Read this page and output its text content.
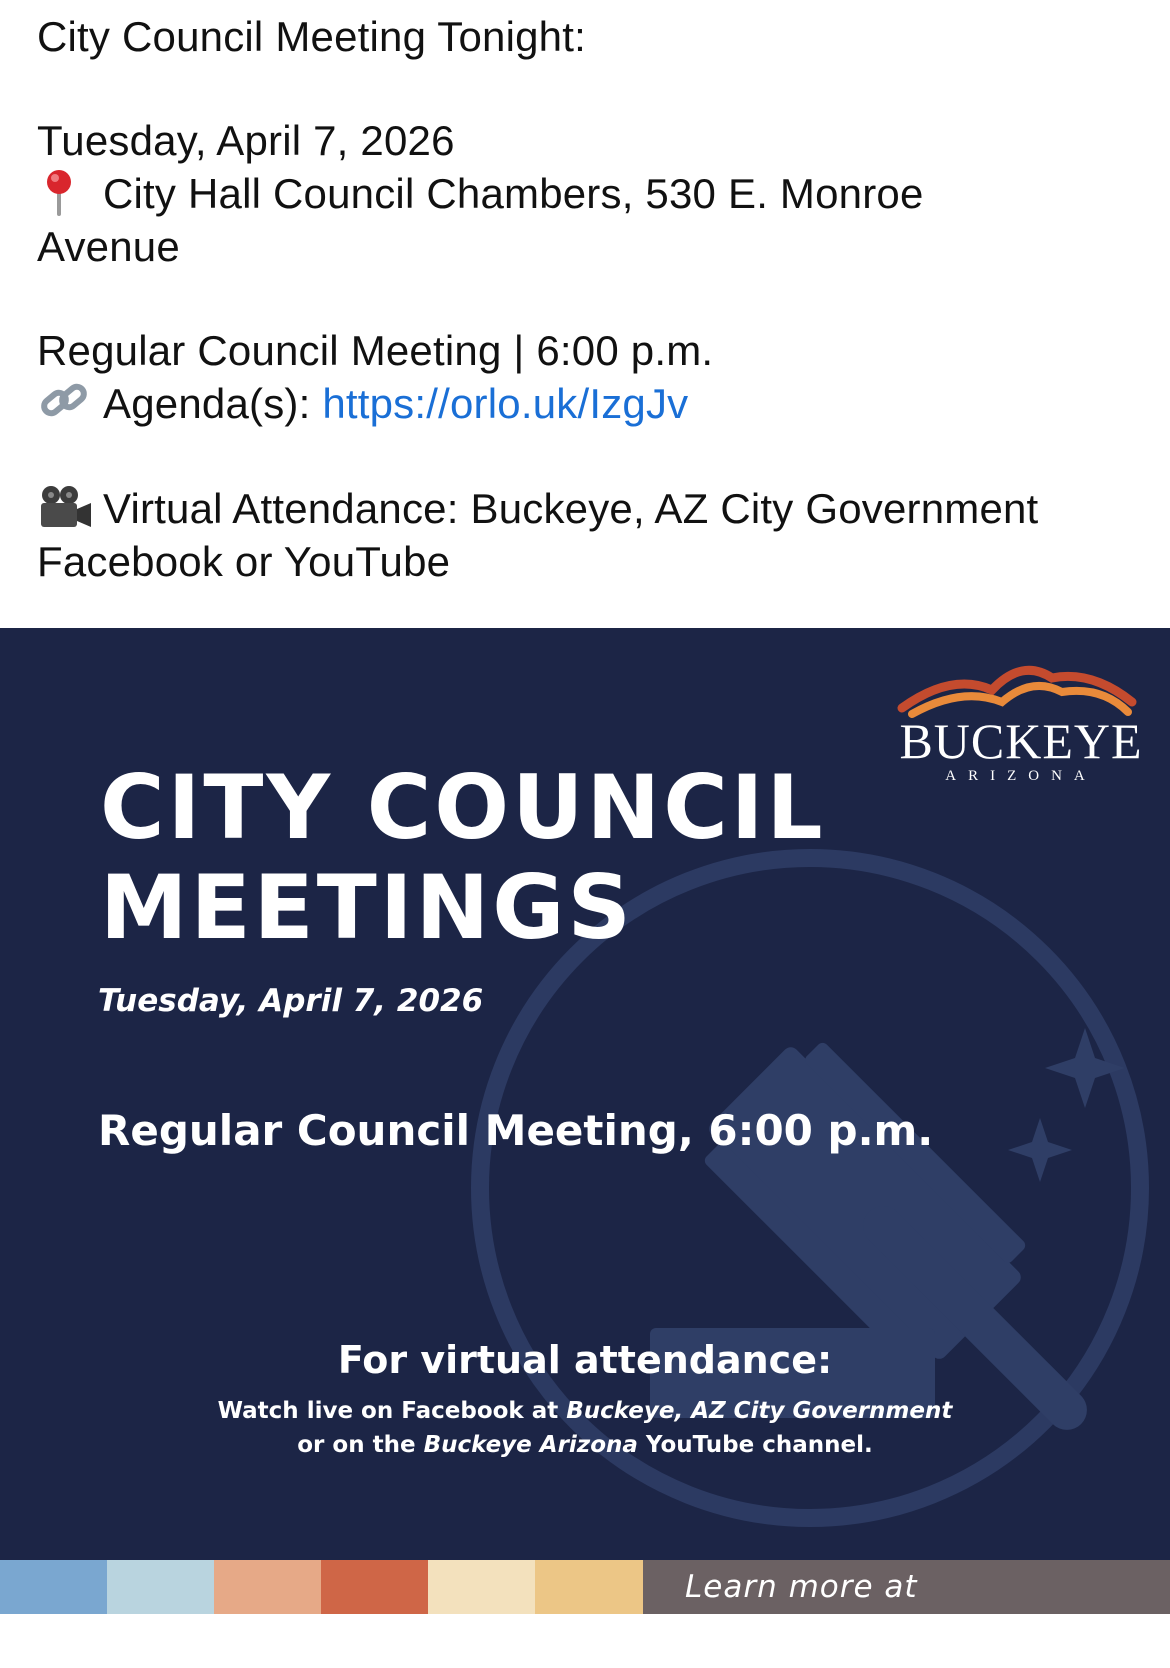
City Council Meeting Tonight:
Tuesday, April 7, 2026
City Hall Council Chambers, 530 E. Monroe
Avenue
Regular Council Meeting | 6:00 p.m.
Agenda(s): https://orlo.uk/IzgJv
Virtual Attendance: Buckeye, AZ City Government
Facebook or YouTube
BUCKEYE
ARIZONA
CITY COUNCIL
MEETINGS
Tuesday, April 7, 2026
Regular Council Meeting, 6:00 p.m.
For virtual attendance:
Watch live on Facebook at Buckeye, AZ City Government
or on the Buckeye Arizona YouTube channel.
Learn more at buckeyeaz.gov
